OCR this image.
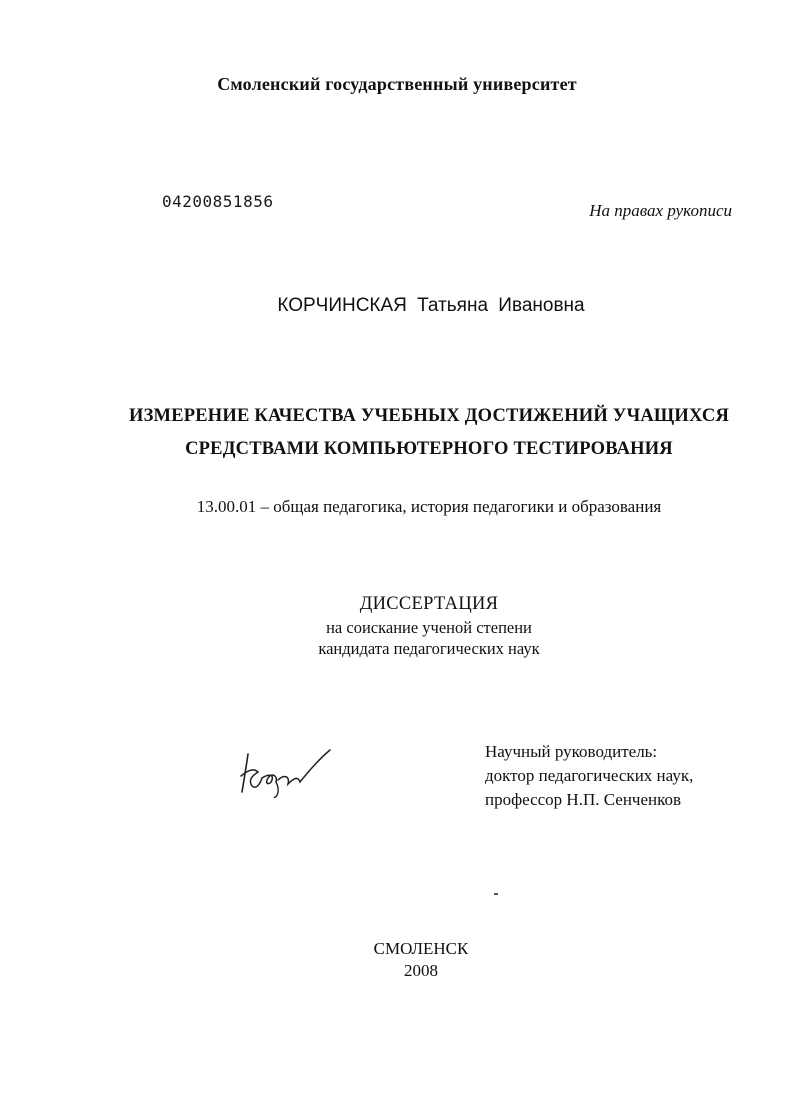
Смоленский государственный университет
04200851856	На правах рукописи
КОРЧИНСКАЯ Татьяна Ивановна
ИЗМЕРЕНИЕ КАЧЕСТВА УЧЕБНЫХ ДОСТИЖЕНИЙ УЧАЩИХСЯ
СРЕДСТВАМИ КОМПЬЮТЕРНОГО ТЕСТИРОВАНИЯ
13.00.01 – общая педагогика, история педагогики и образования
ДИССЕРТАЦИЯ
на соискание ученой степени
кандидата педагогических наук
Научный руководитель:
доктор педагогических наук,
профессор Н.П. Сенченков
СМОЛЕНСК
2008
